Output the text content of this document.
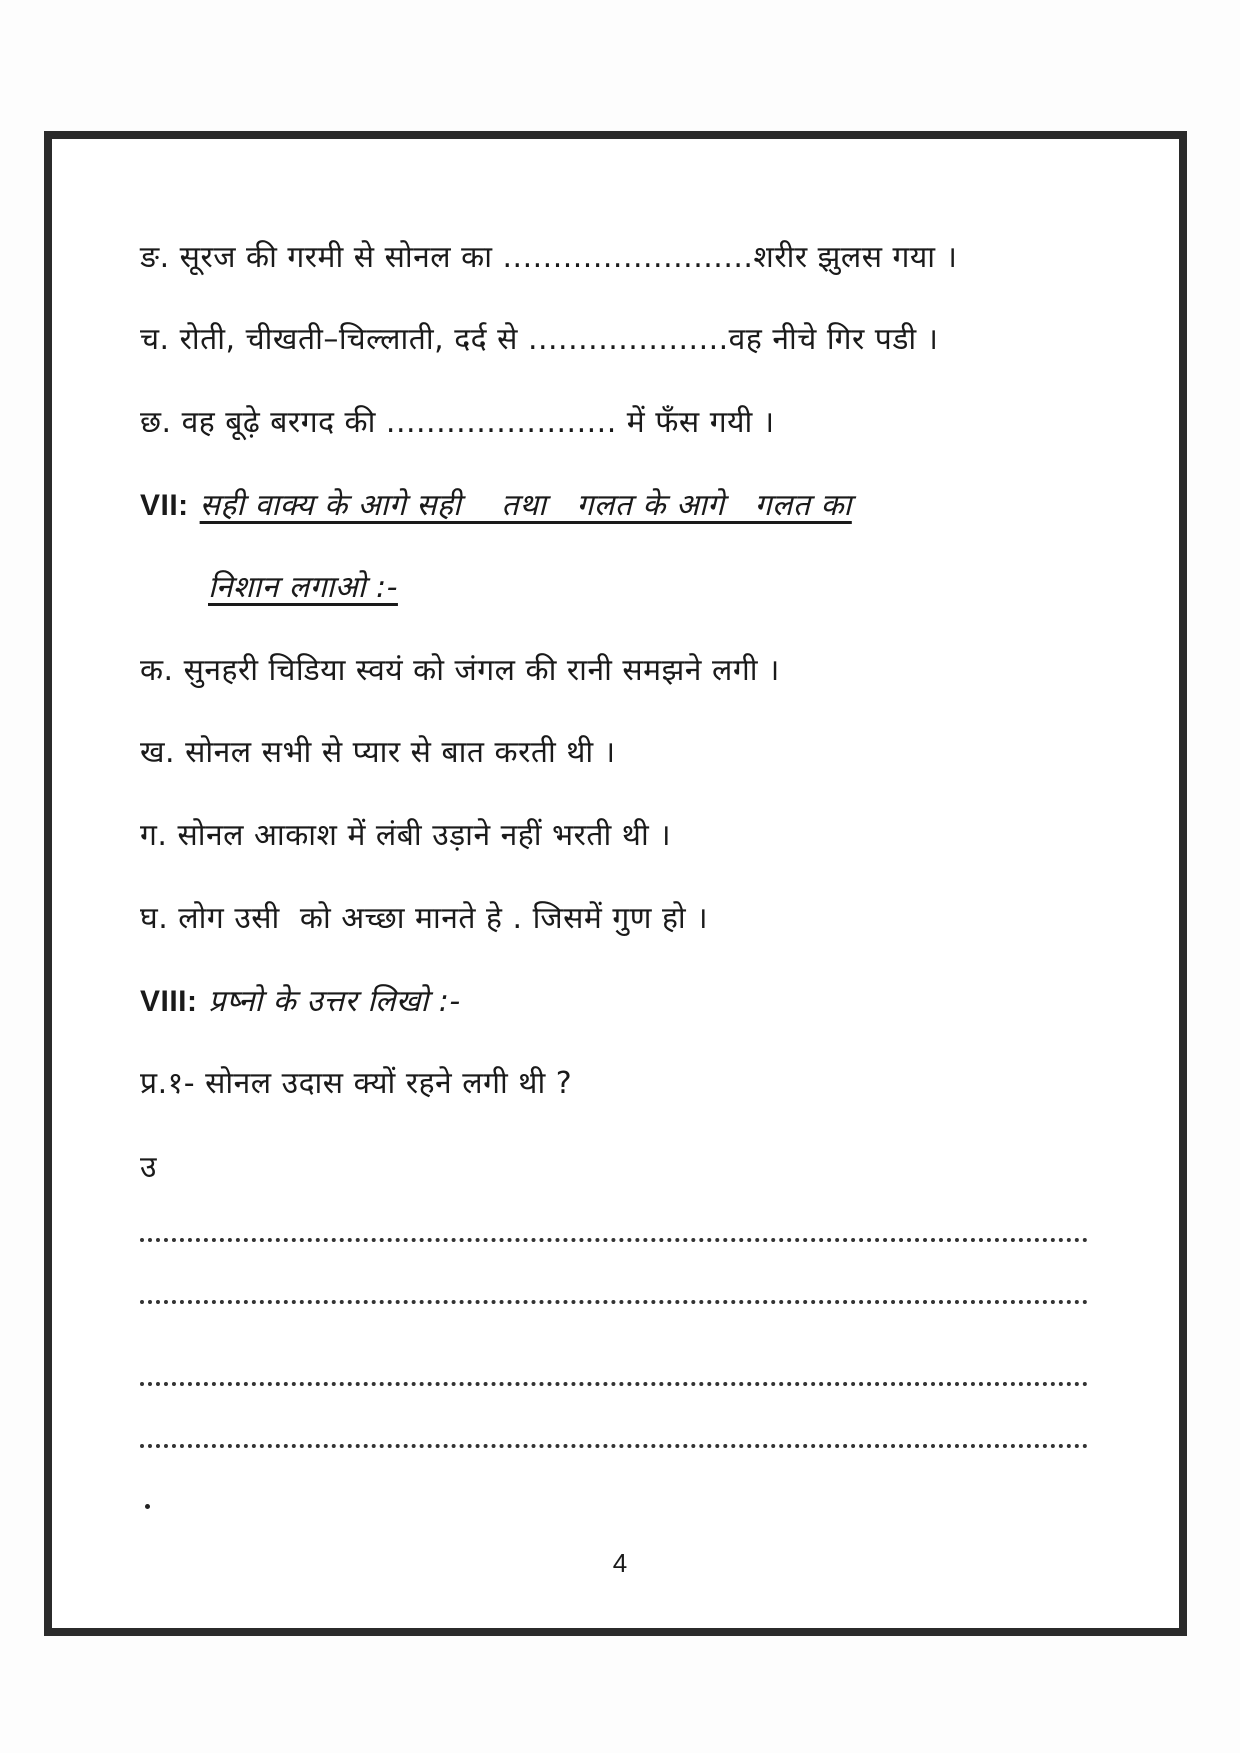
ङ. सूरज की गरमी से सोनल का .........................शरीर झुलस गया ।
च. रोती, चीखती–चिल्लाती, दर्द से ....................वह नीचे गिर पडी ।
छ. वह बूढ़े बरगद की ....................... में फँस गयी ।
VII: सही वाक्य के आगे सही    तथा   गलत के आगे   गलत का
निशान लगाओ :-
क. सुनहरी चिडिया स्वयं को जंगल की रानी समझने लगी ।
ख. सोनल सभी से प्यार से बात करती थी ।
ग. सोनल आकाश में लंबी उड़ाने नहीं भरती थी ।
घ. लोग उसी  को अच्छा मानते हे . जिसमें गुण हो ।
VIII: प्रष्नो के उत्तर लिखो :-
प्र.१- सोनल उदास क्यों रहने लगी थी ?
उ
4
